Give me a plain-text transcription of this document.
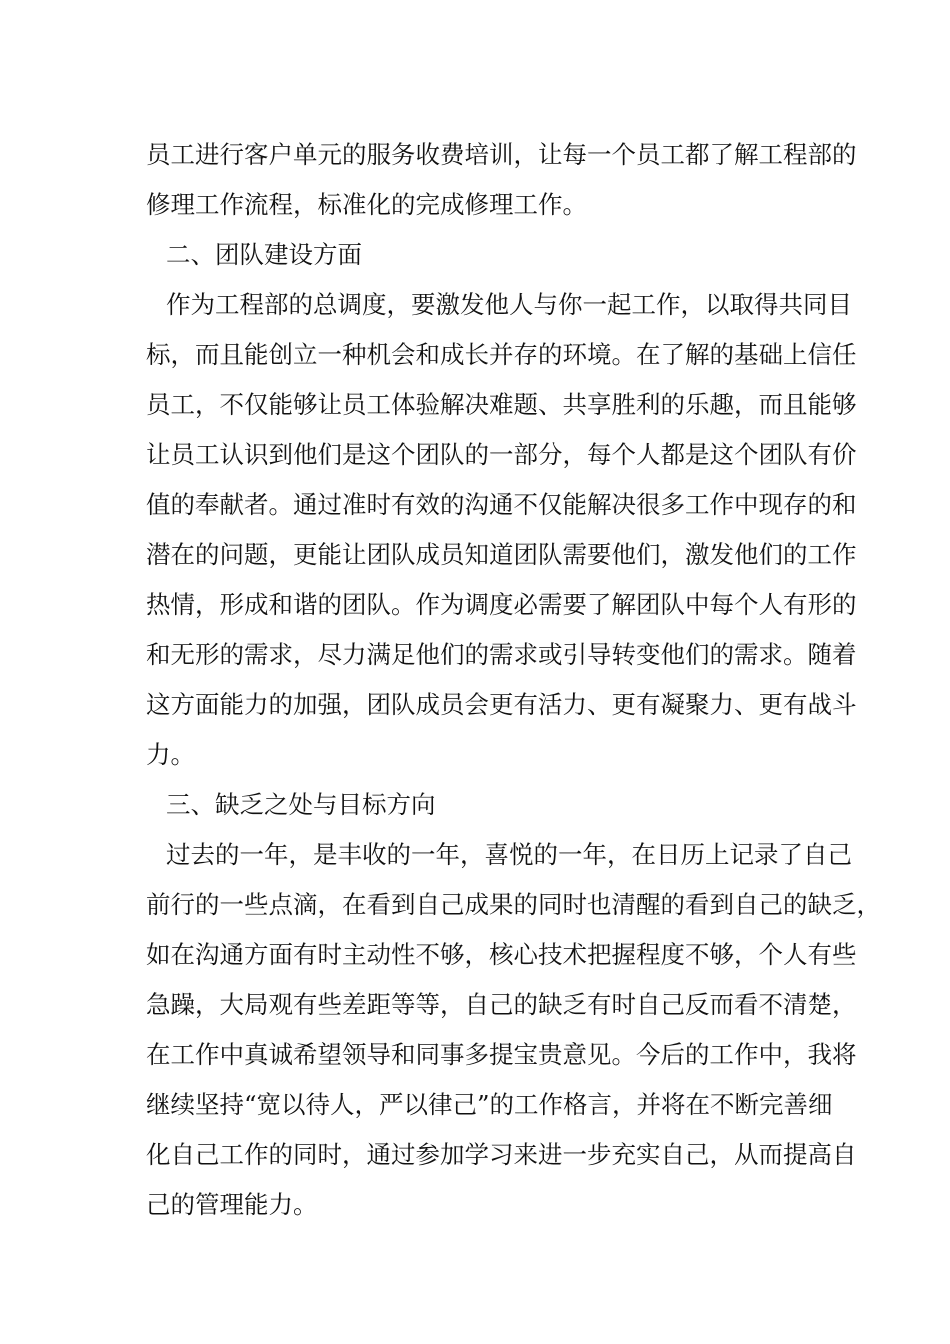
员工进行客户单元的服务收费培训，让每一个员工都了解工程部的
修理工作流程，标准化的完成修理工作。
二、团队建设方面
作为工程部的总调度，要激发他人与你一起工作，以取得共同目
标，而且能创立一种机会和成长并存的环境。在了解的基础上信任
员工，不仅能够让员工体验解决难题、共享胜利的乐趣，而且能够
让员工认识到他们是这个团队的一部分，每个人都是这个团队有价
值的奉献者。通过准时有效的沟通不仅能解决很多工作中现存的和
潜在的问题，更能让团队成员知道团队需要他们，激发他们的工作
热情，形成和谐的团队。作为调度必需要了解团队中每个人有形的
和无形的需求，尽力满足他们的需求或引导转变他们的需求。随着
这方面能力的加强，团队成员会更有活力、更有凝聚力、更有战斗
力。
三、缺乏之处与目标方向
过去的一年，是丰收的一年，喜悦的一年，在日历上记录了自己
前行的一些点滴，在看到自己成果的同时也清醒的看到自己的缺乏，
如在沟通方面有时主动性不够，核心技术把握程度不够，个人有些
急躁，大局观有些差距等等，自己的缺乏有时自己反而看不清楚，
在工作中真诚希望领导和同事多提宝贵意见。今后的工作中，我将
继续坚持“宽以待人，严以律己”的工作格言，并将在不断完善细
化自己工作的同时，通过参加学习来进一步充实自己，从而提高自
己的管理能力。
